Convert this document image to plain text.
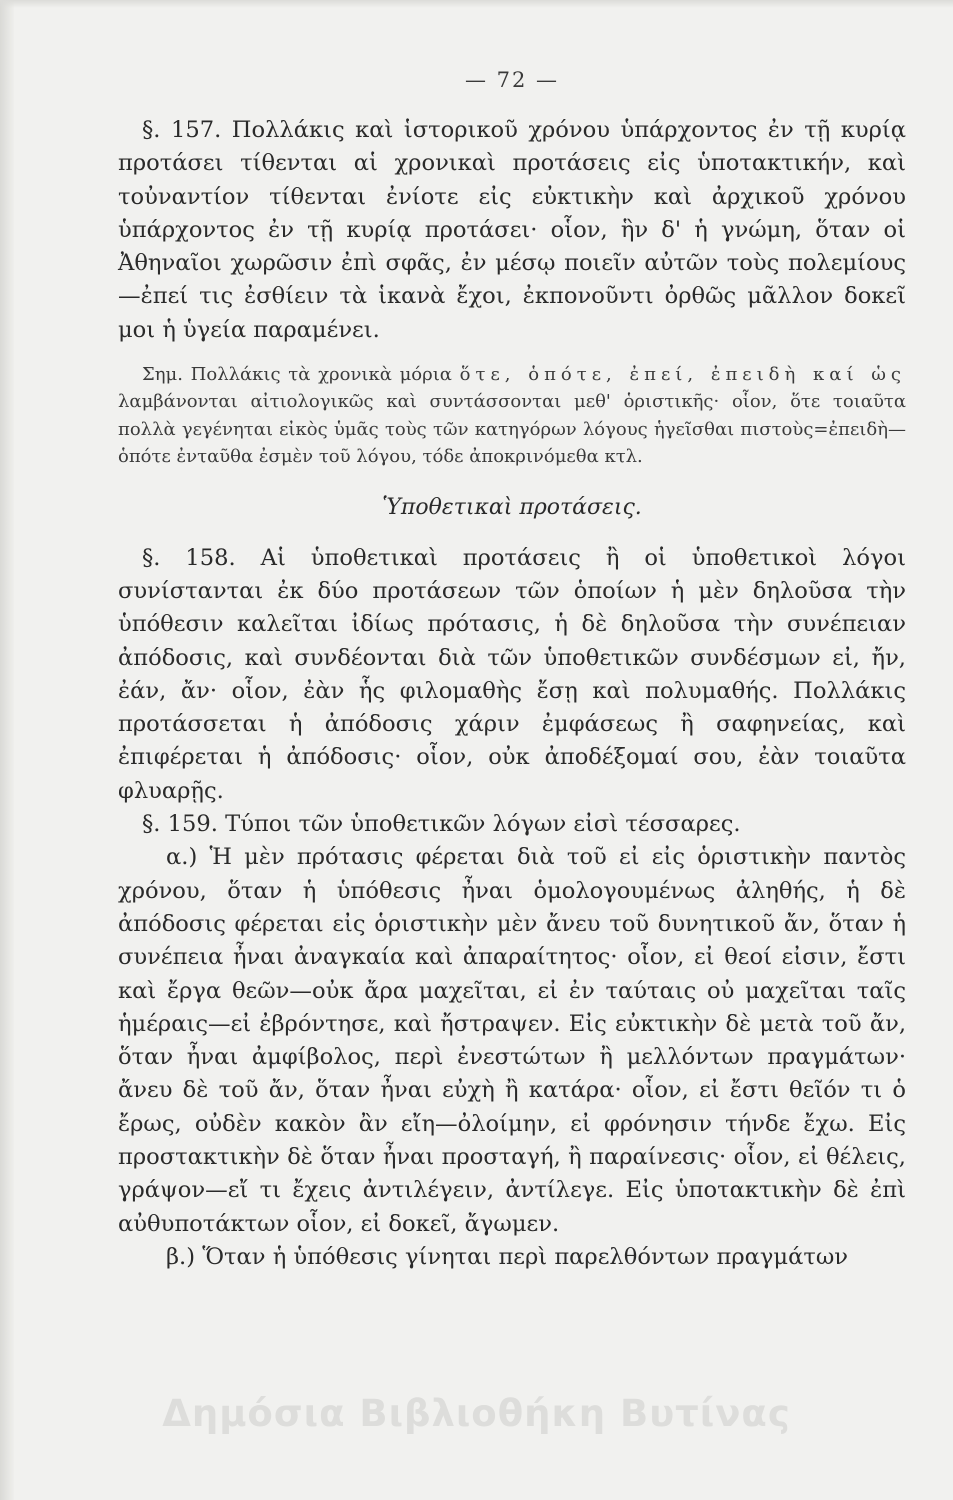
— 72 —

§. 157. Πολλάκις καὶ ἱστορικοῦ χρόνου ὑπάρχοντος ἐν τῇ κυρίᾳ προτάσει τίθενται αἱ χρονικαὶ προτάσεις εἰς ὑποτακτικήν, καὶ τοὐναντίον τίθενται ἐνίοτε εἰς εὐκτικὴν καὶ ἀρχικοῦ χρόνου ὑπάρχοντος ἐν τῇ κυρίᾳ προτάσει· οἷον, ἣν δ' ἡ γνώμη, ὅταν οἱ Ἀθηναῖοι χωρῶσιν ἐπὶ σφᾶς, ἐν μέσῳ ποιεῖν αὐτῶν τοὺς πολεμίους—ἐπεί τις ἐσθίειν τὰ ἱκανὰ ἔχοι, ἐκπονοῦντι ὀρθῶς μᾶλλον δοκεῖ μοι ἡ ὑγεία παραμένει.

Σημ. Πολλάκις τὰ χρονικὰ μόρια ὅτε, ὁπότε, ἐπεί, ἐπειδὴ καί ὡς λαμβάνονται αἰτιολογικῶς καὶ συντάσσονται μεθ' ὁριστικῆς· οἷον, ὅτε τοιαῦτα πολλὰ γεγένηται εἰκὸς ὑμᾶς τοὺς τῶν κατηγόρων λόγους ἡγεῖσθαι πιστοὺς=ἐπειδὴ—ὁπότε ἐνταῦθα ἐσμὲν τοῦ λόγου, τόδε ἀποκρινόμεθα κτλ.

Ὑποθετικαὶ προτάσεις.

§. 158. Αἱ ὑποθετικαὶ προτάσεις ἢ οἱ ὑποθετικοὶ λόγοι συνίστανται ἐκ δύο προτάσεων τῶν ὁποίων ἡ μὲν δηλοῦσα τὴν ὑπόθεσιν καλεῖται ἰδίως πρότασις, ἡ δὲ δηλοῦσα τὴν συνέπειαν ἀπόδοσις, καὶ συνδέονται διὰ τῶν ὑποθετικῶν συνδέσμων εἰ, ἤν, ἐάν, ἄν· οἷον, ἐὰν ἧς φιλομαθὴς ἔσῃ καὶ πολυμαθής. Πολλάκις προτάσσεται ἡ ἀπόδοσις χάριν ἐμφάσεως ἢ σαφηνείας, καὶ ἐπιφέρεται ἡ ἀπόδοσις· οἷον, οὐκ ἀποδέξομαί σου, ἐὰν τοιαῦτα φλυαρῇς.

§. 159. Τύποι τῶν ὑποθετικῶν λόγων εἰσὶ τέσσαρες.

α.) Ἡ μὲν πρότασις φέρεται διὰ τοῦ εἰ εἰς ὁριστικὴν παντὸς χρόνου, ὅταν ἡ ὑπόθεσις ἦναι ὁμολογουμένως ἀληθής, ἡ δὲ ἀπόδοσις φέρεται εἰς ὁριστικὴν μὲν ἄνευ τοῦ δυνητικοῦ ἄν, ὅταν ἡ συνέπεια ἦναι ἀναγκαία καὶ ἀπαραίτητος· οἷον, εἰ θεοί εἰσιν, ἔστι καὶ ἔργα θεῶν—οὐκ ἄρα μαχεῖται, εἰ ἐν ταύταις οὐ μαχεῖται ταῖς ἡμέραις—εἰ ἐβρόντησε, καὶ ἤστραψεν. Εἰς εὐκτικὴν δὲ μετὰ τοῦ ἄν, ὅταν ἦναι ἀμφίβολος, περὶ ἐνεστώτων ἢ μελλόντων πραγμάτων· ἄνευ δὲ τοῦ ἄν, ὅταν ἦναι εὐχὴ ἢ κατάρα· οἷον, εἰ ἔστι θεῖόν τι ὁ ἔρως, οὐδὲν κακὸν ἂν εἴη—ὀλοίμην, εἰ φρόνησιν τήνδε ἔχω. Εἰς προστακτικὴν δὲ ὅταν ἦναι προσταγή, ἢ παραίνεσις· οἷον, εἰ θέλεις, γράψον—εἴ τι ἔχεις ἀντιλέγειν, ἀντίλεγε. Εἰς ὑποτακτικὴν δὲ ἐπὶ αὐθυποτάκτων οἷον, εἰ δοκεῖ, ἄγωμεν.

β.) Ὅταν ἡ ὑπόθεσις γίνηται περὶ παρελθόντων πραγμάτων

Δημόσια Βιβλιοθήκη Βυτίνας
